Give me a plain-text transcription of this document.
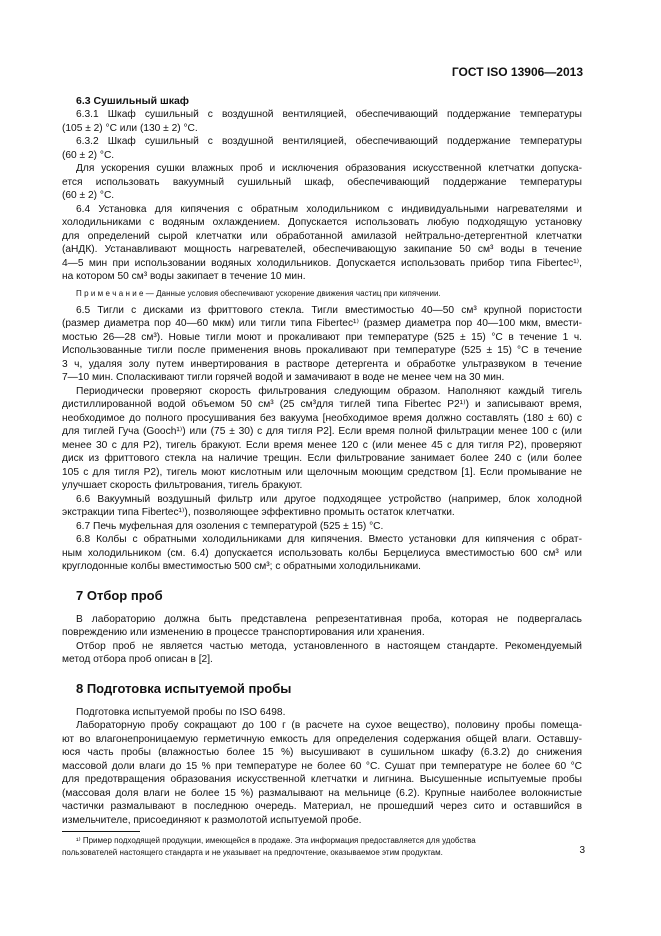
ГОСТ ISO 13906—2013
6.3 Сушильный шкаф
6.3.1 Шкаф сушильный с воздушной вентиляцией, обеспечивающий поддержание температуры
(105 ± 2) °С или (130 ± 2) °С.
6.3.2 Шкаф сушильный с воздушной вентиляцией, обеспечивающий поддержание температуры
(60 ± 2) °С.
Для ускорения сушки влажных проб и исключения образования искусственной клетчатки допуска-
ется использовать вакуумный сушильный шкаф, обеспечивающий поддержание температуры
(60 ± 2) °С.
6.4 Установка для кипячения с обратным холодильником с индивидуальными нагревателями и
холодильниками с водяным охлаждением. Допускается использовать любую подходящую установку
для определений сырой клетчатки или обработанной амилазой нейтрально-детергентной клетчатки
(аНДК). Устанавливают мощность нагревателей, обеспечивающую закипание 50 см³ воды в течение
4—5 мин при использовании водяных холодильников. Допускается использовать прибор типа Fibertec¹⁾,
на котором 50 см³ воды закипает в течение 10 мин.
П р и м е ч а н и е — Данные условия обеспечивают ускорение движения частиц при кипячении.
6.5 Тигли с дисками из фриттового стекла. Тигли вместимостью 40—50 см³ крупной пористости
(размер диаметра пор 40—60 мкм) или тигли типа Fibertec¹⁾ (размер диаметра пор 40—100 мкм, вмести-
мостью 26—28 см³). Новые тигли моют и прокаливают при температуре (525 ± 15) °С в течение 1 ч.
Использованные тигли после применения вновь прокаливают при температуре (525 ± 15) °С в течение
3 ч, удаляя золу путем инвертирования в растворе детергента и обработке ультразвуком в течение
7—10 мин. Споласкивают тигли горячей водой и замачивают в воде не менее чем на 30 мин.
Периодически проверяют скорость фильтрования следующим образом. Наполняют каждый тигель
дистиллированной водой объемом 50 см³ (25 см³для тиглей типа Fibertec P2¹⁾) и записывают время,
необходимое до полного просушивания без вакуума [необходимое время должно составлять (180 ± 60) с
для тиглей Гуча (Gooch¹⁾) или (75 ± 30) с для тигля P2]. Если время полной фильтрации менее 100 с (или
менее 30 с для P2), тигель бракуют. Если время менее 120 с (или менее 45 с для тигля P2), проверяют
диск из фриттового стекла на наличие трещин. Если фильтрование занимает более 240 с (или более
105 с для тигля P2), тигель моют кислотным или щелочным моющим средством [1]. Если промывание не
улучшает скорость фильтрования, тигель бракуют.
6.6 Вакуумный воздушный фильтр или другое подходящее устройство (например, блок холодной
экстракции типа Fibertec¹⁾), позволяющее эффективно промыть остаток клетчатки.
6.7 Печь муфельная для озоления с температурой (525 ± 15) °С.
6.8 Колбы с обратными холодильниками для кипячения. Вместо установки для кипячения с обрат-
ным холодильником (см. 6.4) допускается использовать колбы Берцелиуса вместимостью 600 см³ или
круглодонные колбы вместимостью 500 см³; с обратными холодильниками.
7 Отбор проб
В лабораторию должна быть представлена репрезентативная проба, которая не подвергалась
повреждению или изменению в процессе транспортирования или хранения.
Отбор проб не является частью метода, установленного в настоящем стандарте. Рекомендуемый
метод отбора проб описан в [2].
8 Подготовка испытуемой пробы
Подготовка испытуемой пробы по ISO 6498.
Лабораторную пробу сокращают до 100 г (в расчете на сухое вещество), половину пробы помеща-
ют во влагонепроницаемую герметичную емкость для определения содержания общей влаги. Оставшу-
юся часть пробы (влажностью более 15 %) высушивают в сушильном шкафу (6.3.2) до снижения
массовой доли влаги до 15 % при температуре не более 60 °С. Сушат при температуре не более 60 °С
для предотвращения образования искусственной клетчатки и лигнина. Высушенные испытуемые пробы
(массовая доля влаги не более 15 %) размалывают на мельнице (6.2). Крупные наиболее волокнистые
частички размалывают в последнюю очередь. Материал, не прошедший через сито и оставшийся в
измельчителе, присоединяют к размолотой испытуемой пробе.
¹⁾ Пример подходящей продукции, имеющейся в продаже. Эта информация предоставляется для удобства
пользователей настоящего стандарта и не указывает на предпочтение, оказываемое этим продуктам.	3
